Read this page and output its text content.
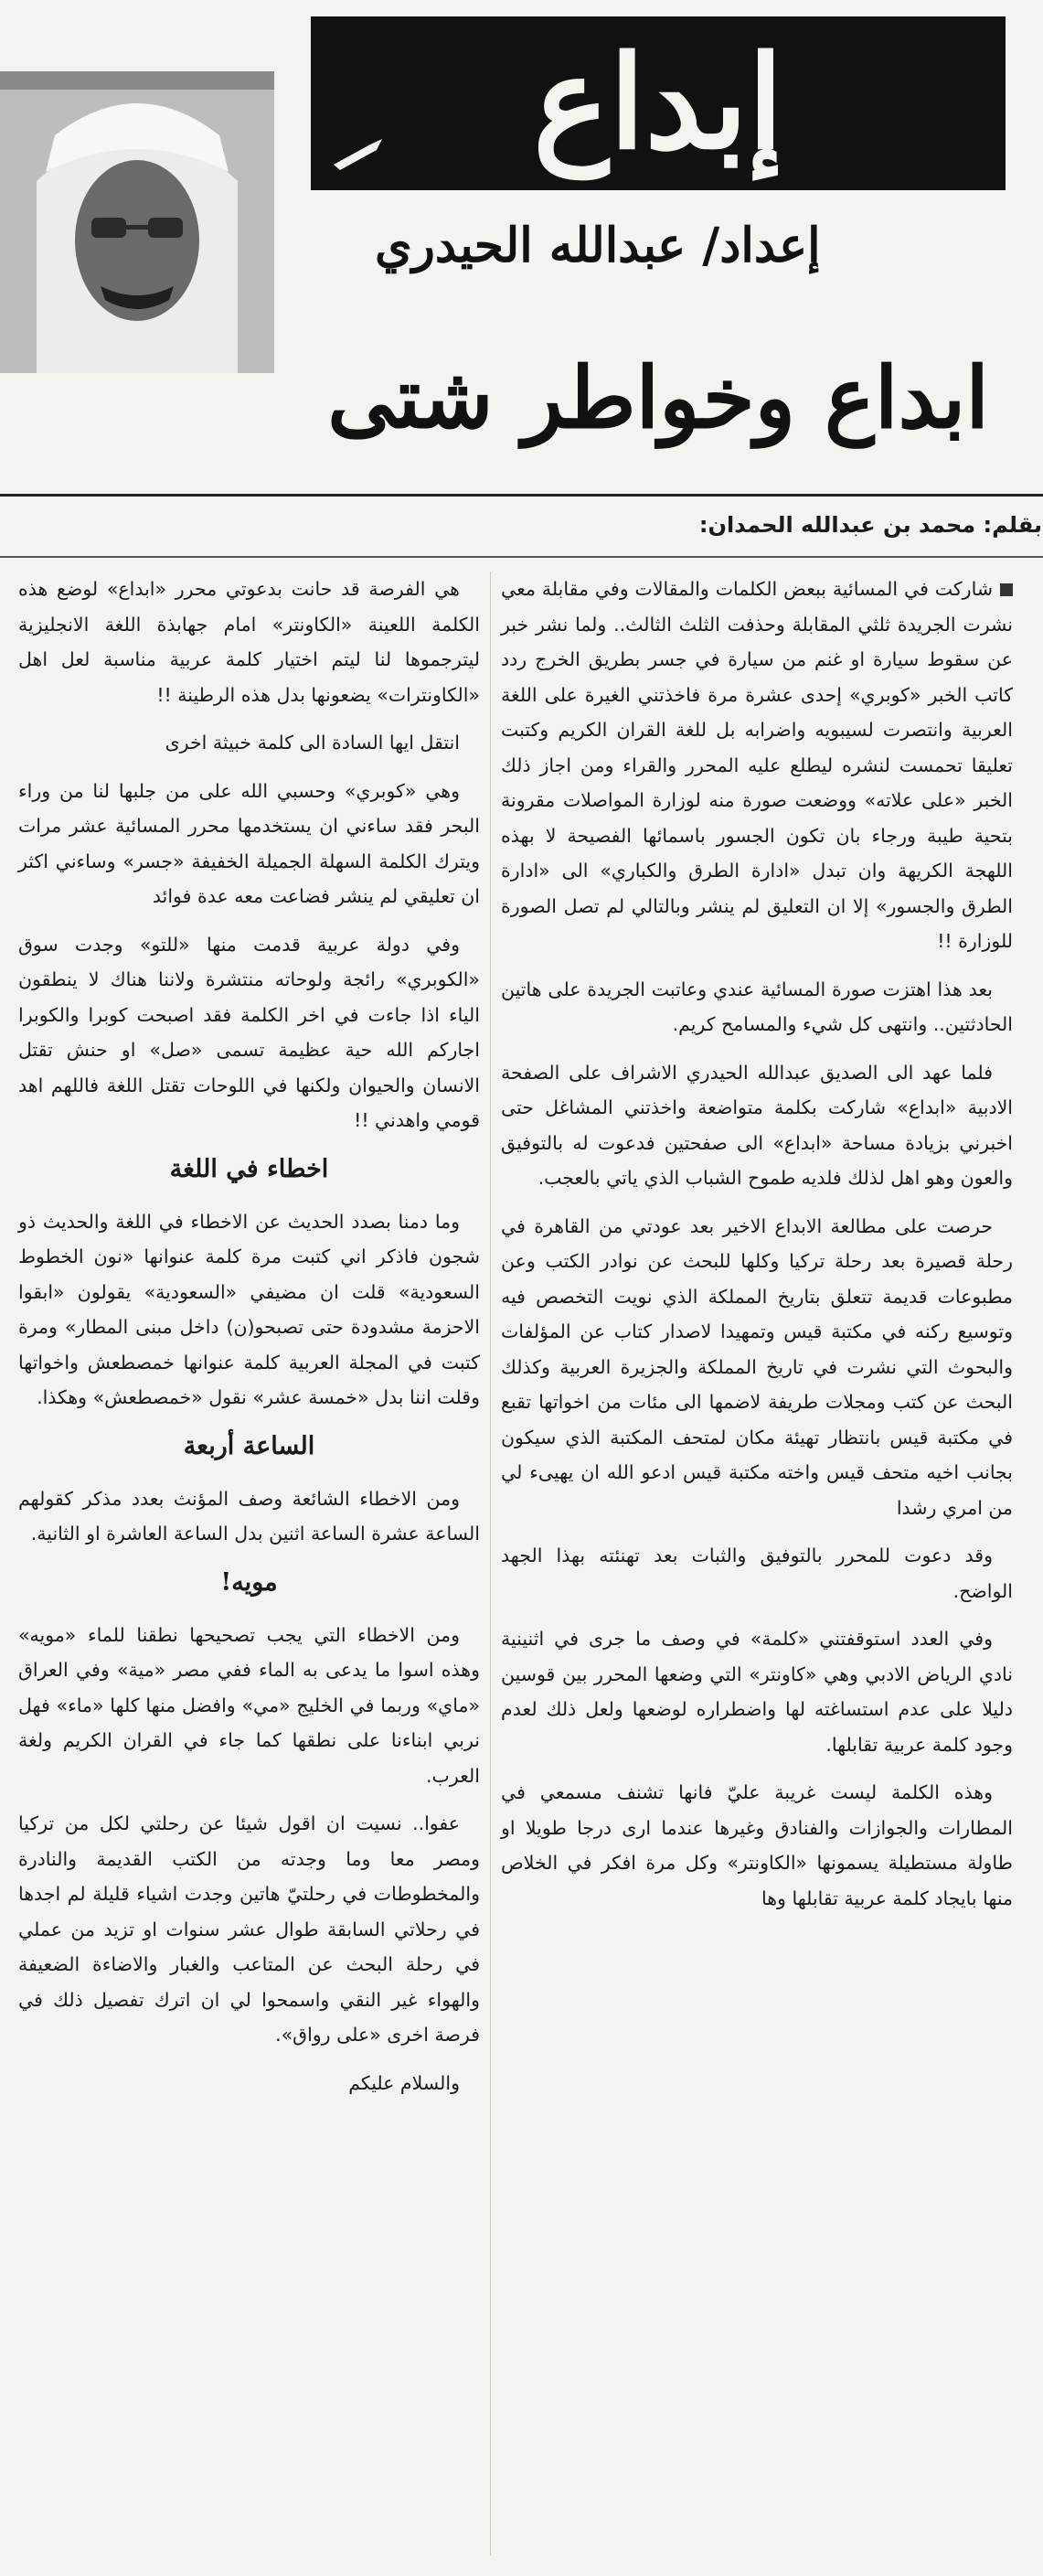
إبداع
إعداد/ عبدالله الحيدري
ابداع وخواطر شتى
بقلم: محمد بن عبدالله الحمدان:

شاركت في المسائية ببعض الكلمات والمقالات وفي مقابلة معي نشرت الجريدة ثلثي المقابلة وحذفت الثلث الثالث.. ولما نشر خبر عن سقوط سيارة او غنم من سيارة في جسر بطريق الخرج ردد كاتب الخبر «كوبري» إحدى عشرة مرة فاخذتني الغيرة على اللغة العربية وانتصرت لسيبويه واضرابه بل للغة القران الكريم وكتبت تعليقا تحمست لنشره ليطلع عليه المحرر والقراء ومن اجاز ذلك الخبر «على علاته» ووضعت صورة منه لوزارة المواصلات مقرونة بتحية طيبة ورجاء بان تكون الجسور باسمائها الفصيحة لا بهذه اللهجة الكريهة وان تبدل «ادارة الطرق والكباري» الى «ادارة الطرق والجسور» إلا ان التعليق لم ينشر وبالتالي لم تصل الصورة للوزارة !!

بعد هذا اهتزت صورة المسائية عندي وعاتبت الجريدة على هاتين الحادثتين.. وانتهى كل شيء والمسامح كريم.

فلما عهد الى الصديق عبدالله الحيدري الاشراف على الصفحة الادبية «ابداع» شاركت بكلمة متواضعة واخذتني المشاغل حتى اخبرني بزيادة مساحة «ابداع» الى صفحتين فدعوت له بالتوفيق والعون وهو اهل لذلك فلديه طموح الشباب الذي ياتي بالعجب.

حرصت على مطالعة الابداع الاخير بعد عودتي من القاهرة في رحلة قصيرة بعد رحلة تركيا وكلها للبحث عن نوادر الكتب وعن مطبوعات قديمة تتعلق بتاريخ المملكة الذي نويت التخصص فيه وتوسيع ركنه في مكتبة قيس وتمهيدا لاصدار كتاب عن المؤلفات والبحوث التي نشرت في تاريخ المملكة والجزيرة العربية وكذلك البحث عن كتب ومجلات طريفة لاضمها الى مئات من اخواتها تقبع في مكتبة قيس بانتظار تهيئة مكان لمتحف المكتبة الذي سيكون بجانب اخيه متحف قيس واخته مكتبة قيس ادعو الله ان يهيىء لي من امري رشدا

وقد دعوت للمحرر بالتوفيق والثبات بعد تهنئته بهذا الجهد الواضح.

وفي العدد استوقفتني «كلمة» في وصف ما جرى في اثنينية نادي الرياض الادبي وهي «كاونتر» التي وضعها المحرر بين قوسين دليلا على عدم استساغته لها واضطراره لوضعها ولعل ذلك لعدم وجود كلمة عربية تقابلها.

وهذه الكلمة ليست غريبة عليّ فانها تشنف مسمعي في المطارات والجوازات والفنادق وغيرها عندما ارى درجا طويلا او طاولة مستطيلة يسمونها «الكاونتر» وكل مرة افكر في الخلاص منها بايجاد كلمة عربية تقابلها وها

هي الفرصة قد حانت بدعوتي محرر «ابداع» لوضع هذه الكلمة اللعينة «الكاونتر» امام جهابذة اللغة الانجليزية ليترجموها لنا ليتم اختيار كلمة عربية مناسبة لعل اهل «الكاونترات» يضعونها بدل هذه الرطينة !!

انتقل ايها السادة الى كلمة خبيثة اخرى

وهي «كوبري» وحسبي الله على من جلبها لنا من وراء البحر فقد ساءني ان يستخدمها محرر المسائية عشر مرات ويترك الكلمة السهلة الجميلة الخفيفة «جسر» وساءني اكثر ان تعليقي لم ينشر فضاعت معه عدة فوائد

وفي دولة عربية قدمت منها «للتو» وجدت سوق «الكوبري» رائجة ولوحاته منتشرة ولاننا هناك لا ينطقون الياء اذا جاءت في اخر الكلمة فقد اصبحت كوبرا والكوبرا اجاركم الله حية عظيمة تسمى «صل» او حنش تقتل الانسان والحيوان ولكنها في اللوحات تقتل اللغة فاللهم اهد قومي واهدني !!

اخطاء في اللغة

وما دمنا بصدد الحديث عن الاخطاء في اللغة والحديث ذو شجون فاذكر اني كتبت مرة كلمة عنوانها «نون الخطوط السعودية» قلت ان مضيفي «السعودية» يقولون «ابقوا الاحزمة مشدودة حتى تصبحو(ن) داخل مبنى المطار» ومرة كتبت في المجلة العربية كلمة عنوانها خمصطعش واخواتها وقلت اننا بدل «خمسة عشر» نقول «خمصطعش» وهكذا.

الساعة أربعة

ومن الاخطاء الشائعة وصف المؤنث بعدد مذكر كقولهم الساعة عشرة الساعة اثنين بدل الساعة العاشرة او الثانية.

مويه!

ومن الاخطاء التي يجب تصحيحها نطقنا للماء «مويه» وهذه اسوا ما يدعى به الماء ففي مصر «مية» وفي العراق «ماي» وربما في الخليج «مي» وافضل منها كلها «ماء» فهل نربي ابناءنا على نطقها كما جاء في القران الكريم ولغة العرب.

عفوا.. نسيت ان اقول شيئا عن رحلتي لكل من تركيا ومصر معا وما وجدته من الكتب القديمة والنادرة والمخطوطات في رحلتيّ هاتين وجدت اشياء قليلة لم اجدها في رحلاتي السابقة طوال عشر سنوات او تزيد من عملي في رحلة البحث عن المتاعب والغبار والاضاءة الضعيفة والهواء غير النقي واسمحوا لي ان اترك تفصيل ذلك في فرصة اخرى «على رواق».

والسلام عليكم
